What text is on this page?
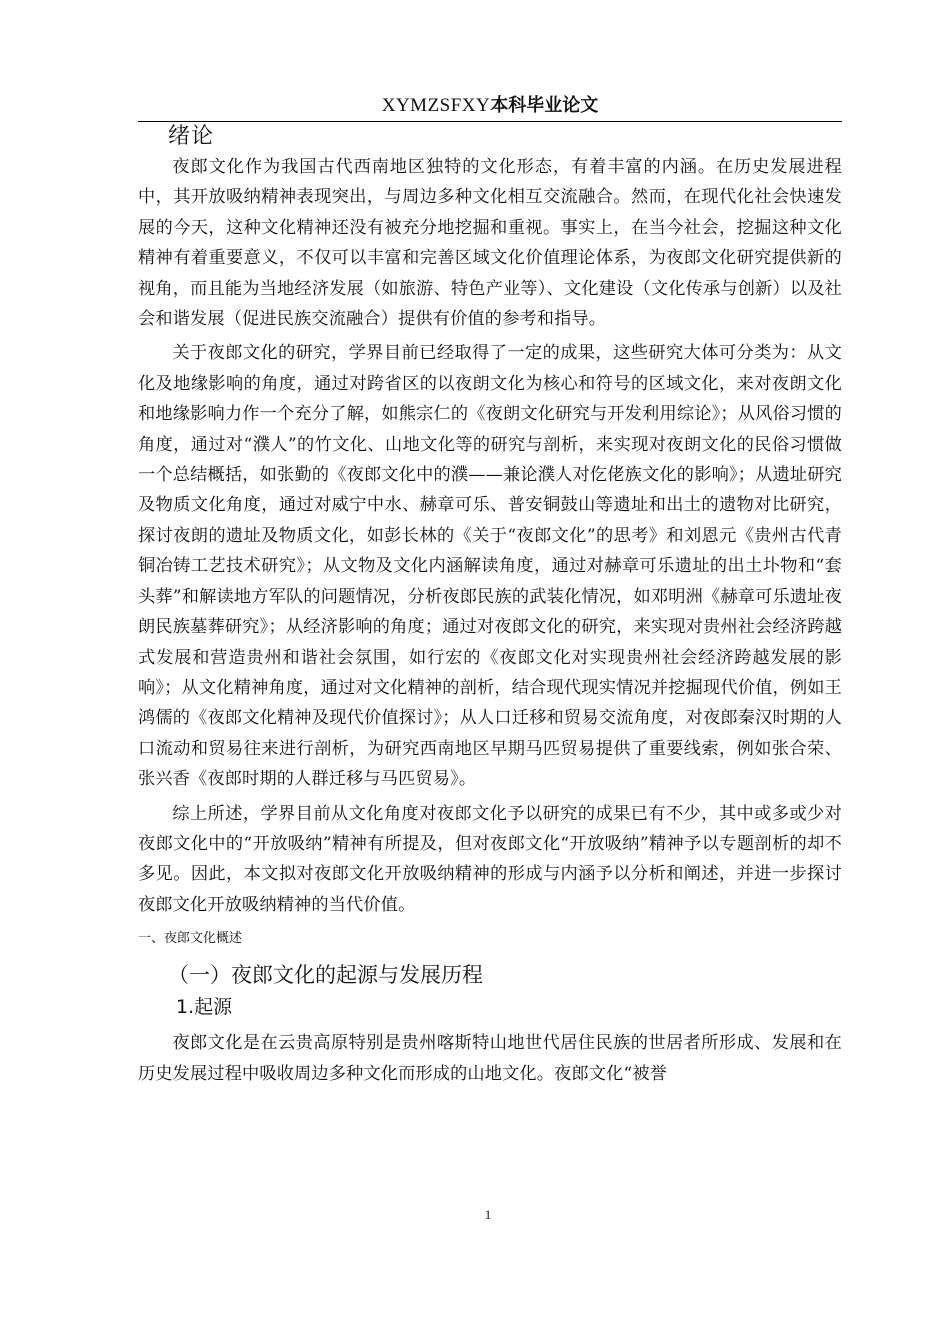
XYMZSFXY本科毕业论文
绪论

夜郎文化作为我国古代西南地区独特的文化形态，有着丰富的内涵。在历史发展进程中，其开放吸纳精神表现突出，与周边多种文化相互交流融合。然而，在现代化社会快速发展的今天，这种文化精神还没有被充分地挖掘和重视。事实上，在当今社会，挖掘这种文化精神有着重要意义，不仅可以丰富和完善区域文化价值理论体系，为夜郎文化研究提供新的视角，而且能为当地经济发展（如旅游、特色产业等）、文化建设（文化传承与创新）以及社会和谐发展（促进民族交流融合）提供有价值的参考和指导。

关于夜郎文化的研究，学界目前已经取得了一定的成果，这些研究大体可分类为：从文化及地缘影响的角度，通过对跨省区的以夜朗文化为核心和符号的区域文化，来对夜朗文化和地缘影响力作一个充分了解，如熊宗仁的《夜朗文化研究与开发利用综论》；从风俗习惯的角度，通过对“濮人”的竹文化、山地文化等的研究与剖析，来实现对夜朗文化的民俗习惯做一个总结概括，如张勤的《夜郎文化中的濮——兼论濮人对仡佬族文化的影响》；从遗址研究及物质文化角度，通过对威宁中水、赫章可乐、普安铜鼓山等遗址和出土的遗物对比研究，探讨夜朗的遗址及物质文化，如彭长林的《关于“夜郎文化”的思考》和刘恩元《贵州古代青铜冶铸工艺技术研究》；从文物及文化内涵解读角度，通过对赫章可乐遗址的出土圤物和“套头葬”和解读地方军队的问题情况，分析夜郎民族的武装化情况，如邓明洲《赫章可乐遗址夜朗民族墓葬研究》；从经济影响的角度；通过对夜郎文化的研究，来实现对贵州社会经济跨越式发展和营造贵州和谐社会氛围，如行宏的《夜郎文化对实现贵州社会经济跨越发展的影响》；从文化精神角度，通过对文化精神的剖析，结合现代现实情况并挖掘现代价值，例如王鸿儒的《夜郎文化精神及现代价值探讨》；从人口迁移和贸易交流角度，对夜郎秦汉时期的人口流动和贸易往来进行剖析，为研究西南地区早期马匹贸易提供了重要线索，例如张合荣、张兴香《夜郎时期的人群迁移与马匹贸易》。

综上所述，学界目前从文化角度对夜郎文化予以研究的成果已有不少，其中或多或少对夜郎文化中的“开放吸纳”精神有所提及，但对夜郎文化“开放吸纳”精神予以专题剖析的却不多见。因此，本文拟对夜郎文化开放吸纳精神的形成与内涵予以分析和阐述，并进一步探讨夜郎文化开放吸纳精神的当代价值。

一、夜郎文化概述
（一）夜郎文化的起源与发展历程
1.起源

夜郎文化是在云贵高原特别是贵州喀斯特山地世代居住民族的世居者所形成、发展和在历史发展过程中吸收周边多种文化而形成的山地文化。夜郎文化“被誉

1
